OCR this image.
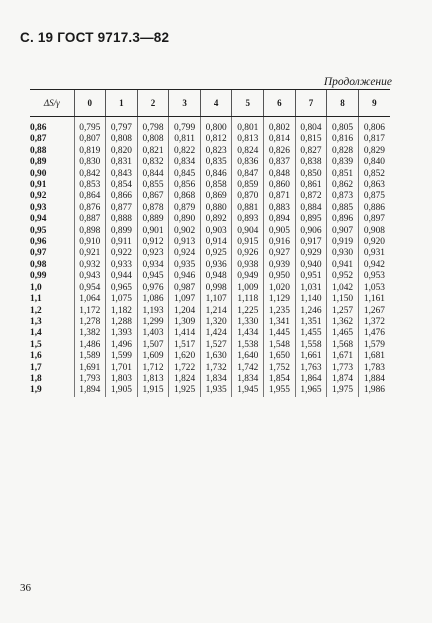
С. 19 ГОСТ 9717.3—82
Продолжение
ΔS/γ	0	1	2	3	4	5	6	7	8	9
0,86	0,795	0,797	0,798	0,799	0,800	0,801	0,802	0,804	0,805	0,806
0,87	0,807	0,808	0,808	0,811	0,812	0,813	0,814	0,815	0,816	0,817
0,88	0,819	0,820	0,821	0,822	0,823	0,824	0,826	0,827	0,828	0,829
0,89	0,830	0,831	0,832	0,834	0,835	0,836	0,837	0,838	0,839	0,840
0,90	0,842	0,843	0,844	0,845	0,846	0,847	0,848	0,850	0,851	0,852
0,91	0,853	0,854	0,855	0,856	0,858	0,859	0,860	0,861	0,862	0,863
0,92	0,864	0,866	0,867	0,868	0,869	0,870	0,871	0,872	0,873	0,875
0,93	0,876	0,877	0,878	0,879	0,880	0,881	0,883	0,884	0,885	0,886
0,94	0,887	0,888	0,889	0,890	0,892	0,893	0,894	0,895	0,896	0,897
0,95	0,898	0,899	0,901	0,902	0,903	0,904	0,905	0,906	0,907	0,908
0,96	0,910	0,911	0,912	0,913	0,914	0,915	0,916	0,917	0,919	0,920
0,97	0,921	0,922	0,923	0,924	0,925	0,926	0,927	0,929	0,930	0,931
0,98	0,932	0,933	0,934	0,935	0,936	0,938	0,939	0,940	0,941	0,942
0,99	0,943	0,944	0,945	0,946	0,948	0,949	0,950	0,951	0,952	0,953
1,0	0,954	0,965	0,976	0,987	0,998	1,009	1,020	1,031	1,042	1,053
1,1	1,064	1,075	1,086	1,097	1,107	1,118	1,129	1,140	1,150	1,161
1,2	1,172	1,182	1,193	1,204	1,214	1,225	1,235	1,246	1,257	1,267
1,3	1,278	1,288	1,299	1,309	1,320	1,330	1,341	1,351	1,362	1,372
1,4	1,382	1,393	1,403	1,414	1,424	1,434	1,445	1,455	1,465	1,476
1,5	1,486	1,496	1,507	1,517	1,527	1,538	1,548	1,558	1,568	1,579
1,6	1,589	1,599	1,609	1,620	1,630	1,640	1,650	1,661	1,671	1,681
1,7	1,691	1,701	1,712	1,722	1,732	1,742	1,752	1,763	1,773	1,783
1,8	1,793	1,803	1,813	1,824	1,834	1,834	1,854	1,864	1,874	1,884
1,9	1,894	1,905	1,915	1,925	1,935	1,945	1,955	1,965	1,975	1,986
36
